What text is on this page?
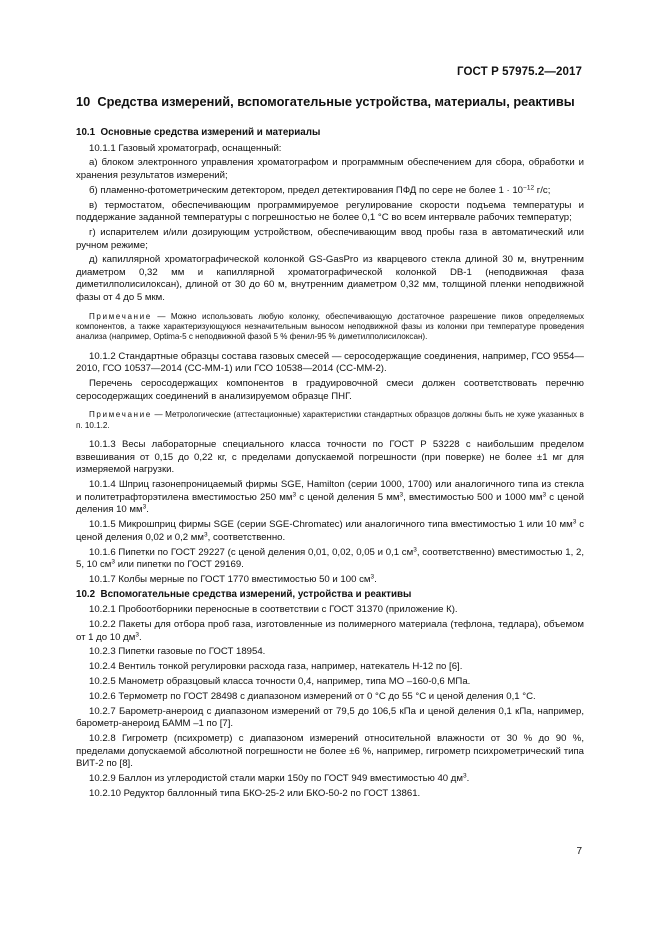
ГОСТ Р 57975.2—2017
10 Средства измерений, вспомогательные устройства, материалы, реактивы
10.1 Основные средства измерений и материалы

10.1.1 Газовый хроматограф, оснащенный:

а) блоком электронного управления хроматографом и программным обеспечением для сбора, обработки и хранения результатов измерений;

б) пламенно-фотометрическим детектором, предел детектирования ПФД по сере не более $1 \cdot 10^{-12}$ г/с;

в) термостатом, обеспечивающим программируемое регулирование скорости подъема температуры и поддержание заданной температуры с погрешностью не более 0,1 °С во всем интервале рабочих температур;

г) испарителем и/или дозирующим устройством, обеспечивающим ввод пробы газа в автоматический или ручном режиме;

д) капиллярной хроматографической колонкой GS-GasPro из кварцевого стекла длиной 30 м, внутренним диаметром 0,32 мм и капиллярной хроматографической колонкой DB-1 (неподвижная фаза диметилполисилоксан), длиной от 30 до 60 м, внутренним диаметром 0,32 мм, толщиной пленки неподвижной фазы от 4 до 5 мкм.

Примечание — Можно использовать любую колонку, обеспечивающую достаточное разрешение пиков определяемых компонентов, а также характеризующуюся незначительным выносом неподвижной фазы из колонки при температуре проведения анализа (например, Optima-5 с неподвижной фазой 5 % фенил-95 % диметилполисилоксан).

10.1.2 Стандартные образцы состава газовых смесей — серосодержащие соединения, например, ГСО 9554—2010, ГСО 10537—2014 (СС-ММ-1) или ГСО 10538—2014 (СС-ММ-2).

Перечень серосодержащих компонентов в градуировочной смеси должен соответствовать перечню серосодержащих соединений в анализируемом образце ПНГ.

Примечание — Метрологические (аттестационные) характеристики стандартных образцов должны быть не хуже указанных в п. 10.1.2.

10.1.3 Весы лабораторные специального класса точности по ГОСТ Р 53228 с наибольшим пределом взвешивания от 0,15 до 0,22 кг, с пределами допускаемой погрешности (при поверке) не более ±1 мг для измеряемой нагрузки.

10.1.4 Шприц газонепроницаемый фирмы SGE, Hamilton (серии 1000, 1700) или аналогичного типа из стекла и политетрафторэтилена вместимостью 250 $мм^3$ с ценой деления 5 $мм^3$, вместимостью 500 и 1000 $мм^3$ с ценой деления 10 $мм^3$.

10.1.5 Микрошприц фирмы SGE (серии SGE-Chromatec) или аналогичного типа вместимостью 1 или 10 $мм^3$ с ценой деления 0,02 и 0,2 $мм^3$, соответственно.

10.1.6 Пипетки по ГОСТ 29227 (с ценой деления 0,01, 0,02, 0,05 и 0,1 $см^3$, соответственно) вместимостью 1, 2, 5, 10 $см^3$ или пипетки по ГОСТ 29169.

10.1.7 Колбы мерные по ГОСТ 1770 вместимостью 50 и 100 $см^3$.

10.2 Вспомогательные средства измерений, устройства и реактивы

10.2.1 Пробоотборники переносные в соответствии с ГОСТ 31370 (приложение К).

10.2.2 Пакеты для отбора проб газа, изготовленные из полимерного материала (тефлона, тедлара), объемом от 1 до 10 $дм^3$.

10.2.3 Пипетки газовые по ГОСТ 18954.

10.2.4 Вентиль тонкой регулировки расхода газа, например, натекатель Н-12 по [6].

10.2.5 Манометр образцовый класса точности 0,4, например, типа МО –160-0,6 МПа.

10.2.6 Термометр по ГОСТ 28498 с диапазоном измерений от 0 °С до 55 °С и ценой деления 0,1 °С.

10.2.7 Барометр-анероид с диапазоном измерений от 79,5 до 106,5 кПа и ценой деления 0,1 кПа, например, барометр-анероид БАММ –1 по [7].

10.2.8 Гигрометр (психрометр) с диапазоном измерений относительной влажности от 30 % до 90 %, пределами допускаемой абсолютной погрешности не более ±6 %, например, гигрометр психрометрический типа ВИТ-2 по [8].

10.2.9 Баллон из углеродистой стали марки 150у по ГОСТ 949 вместимостью 40 $дм^3$.

10.2.10 Редуктор баллонный типа БКО-25-2 или БКО-50-2 по ГОСТ 13861.

7
